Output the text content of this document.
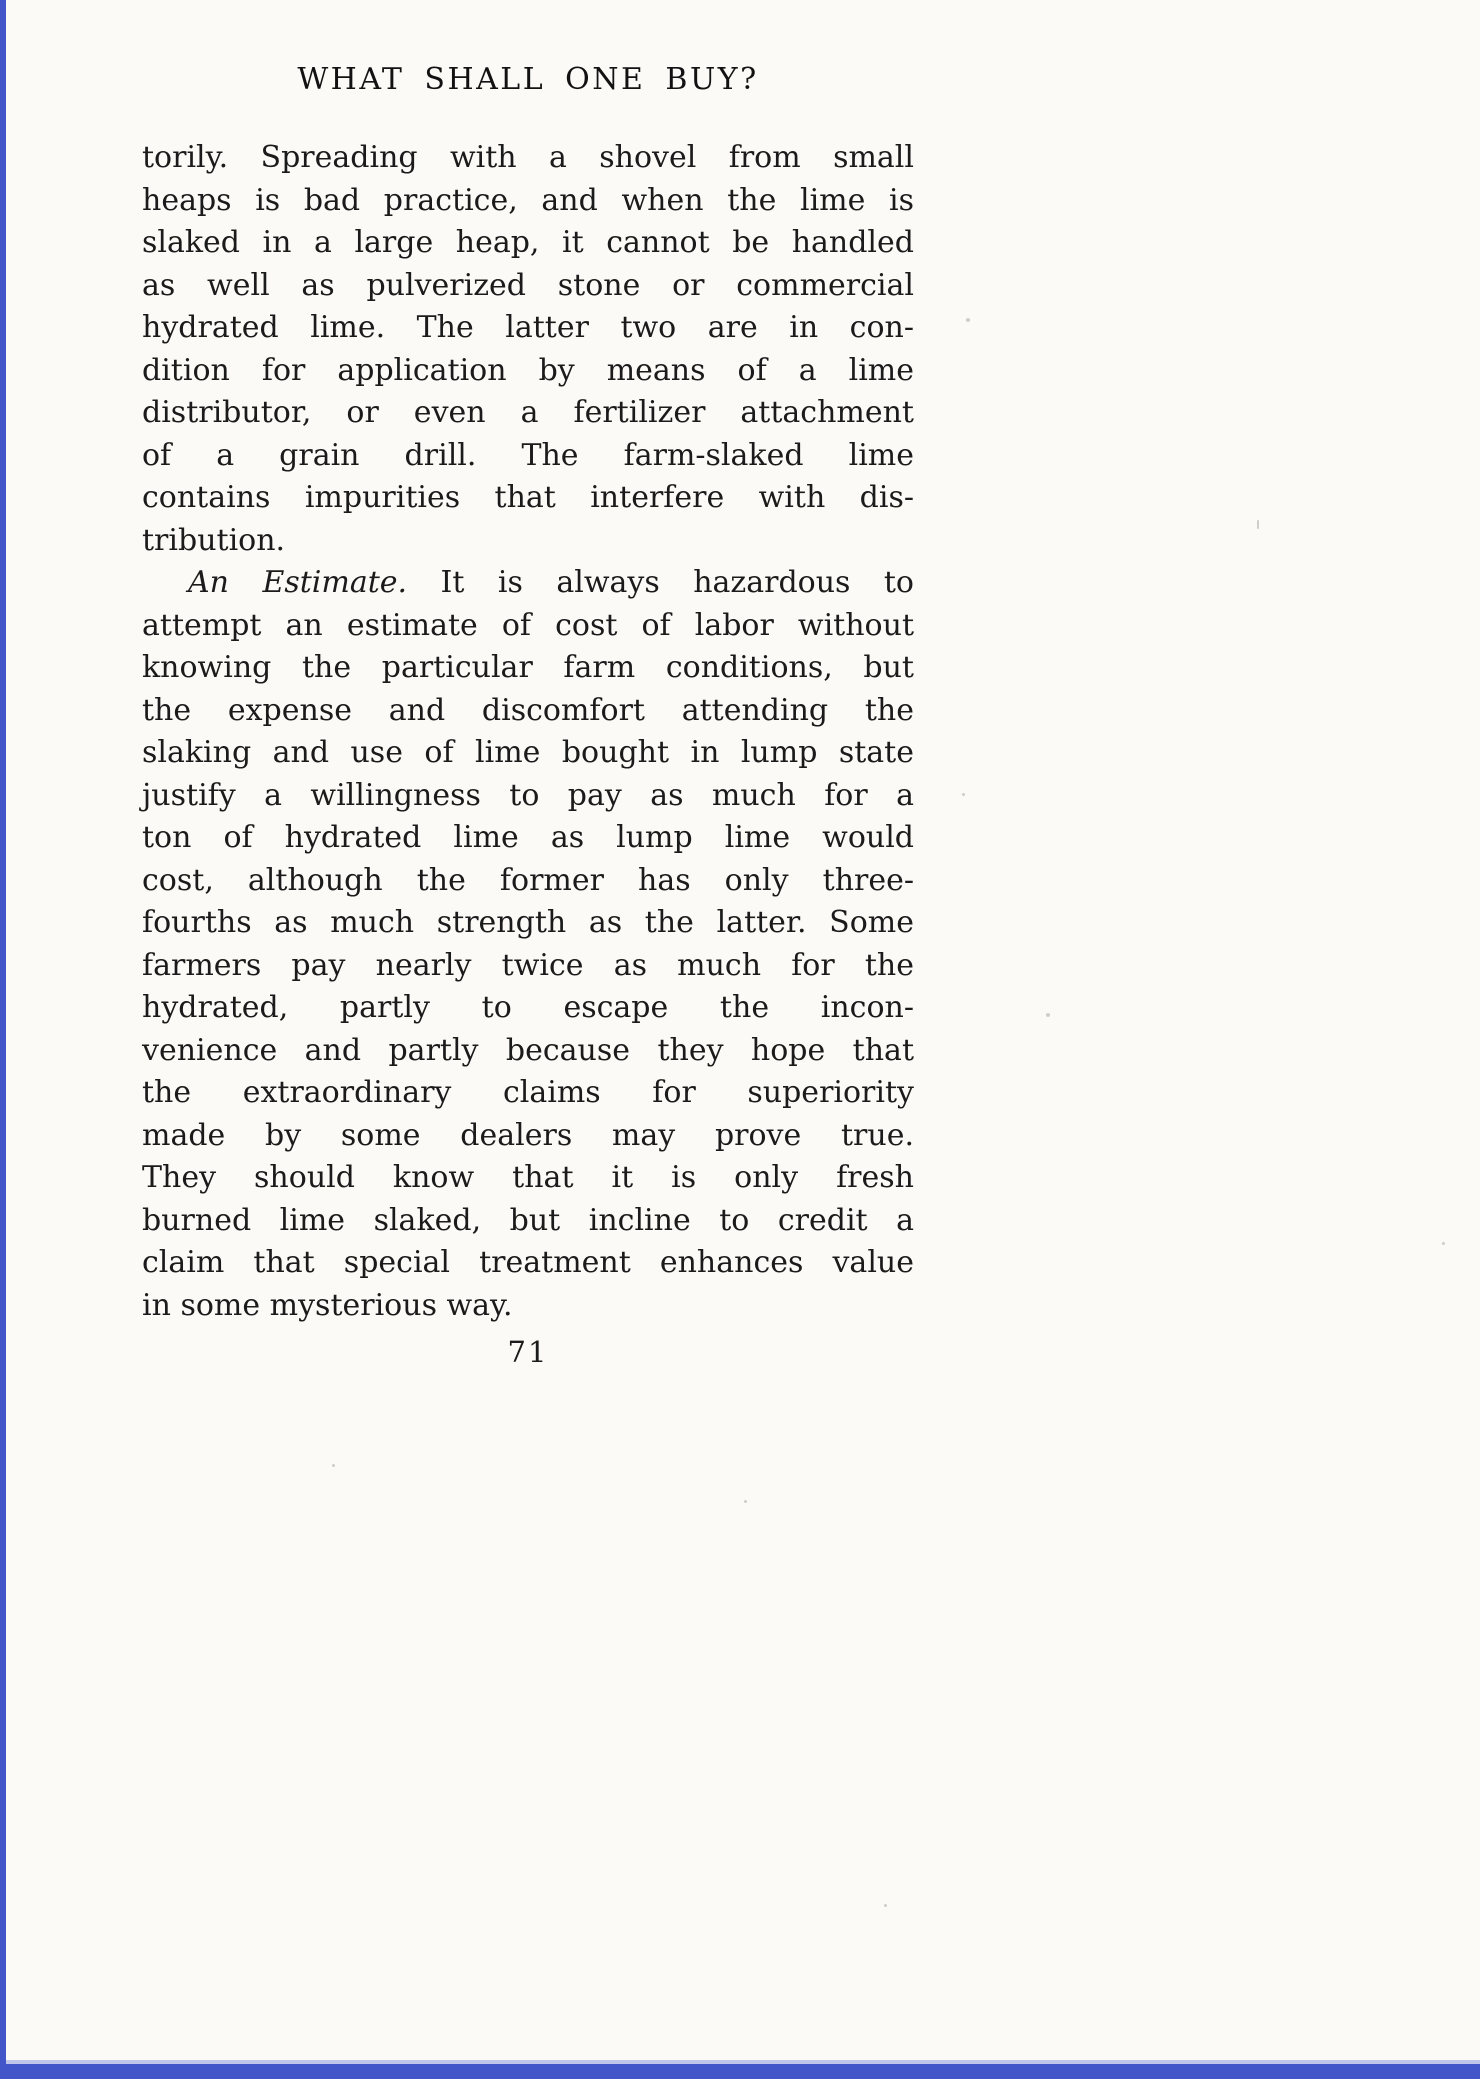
WHAT SHALL ONE BUY?
torily. Spreading with a shovel from small
heaps is bad practice, and when the lime is
slaked in a large heap, it cannot be handled
as well as pulverized stone or commercial
hydrated lime. The latter two are in con-
dition for application by means of a lime
distributor, or even a fertilizer attachment
of a grain drill. The farm-slaked lime
contains impurities that interfere with dis-
tribution.
An Estimate. It is always hazardous to
attempt an estimate of cost of labor without
knowing the particular farm conditions, but
the expense and discomfort attending the
slaking and use of lime bought in lump state
justify a willingness to pay as much for a
ton of hydrated lime as lump lime would
cost, although the former has only three-
fourths as much strength as the latter. Some
farmers pay nearly twice as much for the
hydrated, partly to escape the incon-
venience and partly because they hope that
the extraordinary claims for superiority
made by some dealers may prove true.
They should know that it is only fresh
burned lime slaked, but incline to credit a
claim that special treatment enhances value
in some mysterious way.
71
